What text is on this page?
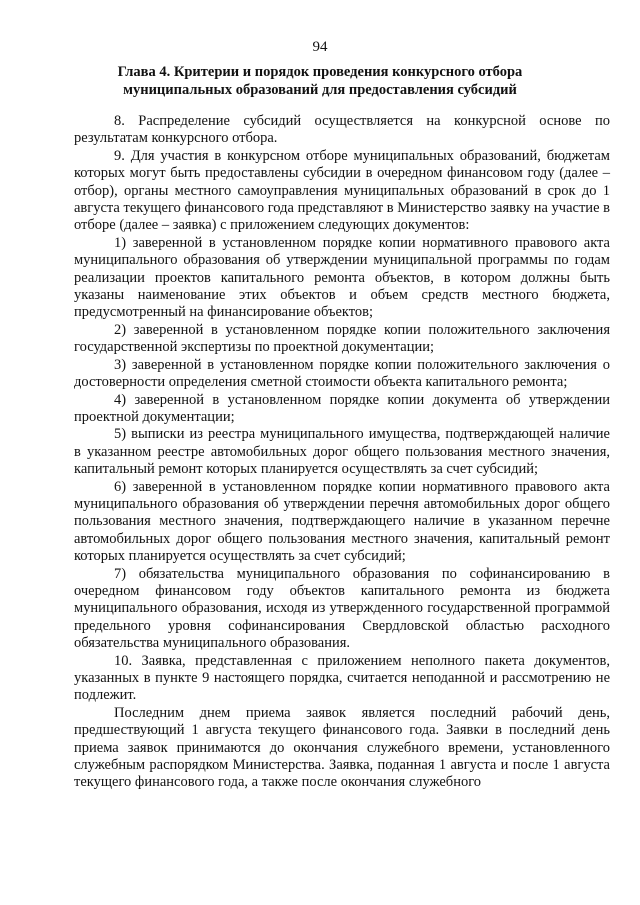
94
Глава 4. Критерии и порядок проведения конкурсного отбора
муниципальных образований для предоставления субсидий

8. Распределение субсидий осуществляется на конкурсной основе по результатам конкурсного отбора.

9. Для участия в конкурсном отборе муниципальных образований, бюджетам которых могут быть предоставлены субсидии в очередном финансовом году (далее – отбор), органы местного самоуправления муниципальных образований в срок до 1 августа текущего финансового года представляют в Министерство заявку на участие в отборе (далее – заявка) с приложением следующих документов:

1) заверенной в установленном порядке копии нормативного правового акта муниципального образования об утверждении муниципальной программы по годам реализации проектов капитального ремонта объектов, в котором должны быть указаны наименование этих объектов и объем средств местного бюджета, предусмотренный на финансирование объектов;

2) заверенной в установленном порядке копии положительного заключения государственной экспертизы по проектной документации;

3) заверенной в установленном порядке копии положительного заключения о достоверности определения сметной стоимости объекта капитального ремонта;

4) заверенной в установленном порядке копии документа об утверждении проектной документации;

5) выписки из реестра муниципального имущества, подтверждающей наличие в указанном реестре автомобильных дорог общего пользования местного значения, капитальный ремонт которых планируется осуществлять за счет субсидий;

6) заверенной в установленном порядке копии нормативного правового акта муниципального образования об утверждении перечня автомобильных дорог общего пользования местного значения, подтверждающего наличие в указанном перечне автомобильных дорог общего пользования местного значения, капитальный ремонт которых планируется осуществлять за счет субсидий;

7) обязательства муниципального образования по софинансированию в очередном финансовом году объектов капитального ремонта из бюджета муниципального образования, исходя из утвержденного государственной программой предельного уровня софинансирования Свердловской областью расходного обязательства муниципального образования.

10. Заявка, представленная с приложением неполного пакета документов, указанных в пункте 9 настоящего порядка, считается неподанной и рассмотрению не подлежит.

Последним днем приема заявок является последний рабочий день, предшествующий 1 августа текущего финансового года. Заявки в последний день приема заявок принимаются до окончания служебного времени, установленного служебным распорядком Министерства. Заявка, поданная 1 августа и после 1 августа текущего финансового года, а также после окончания служебного
